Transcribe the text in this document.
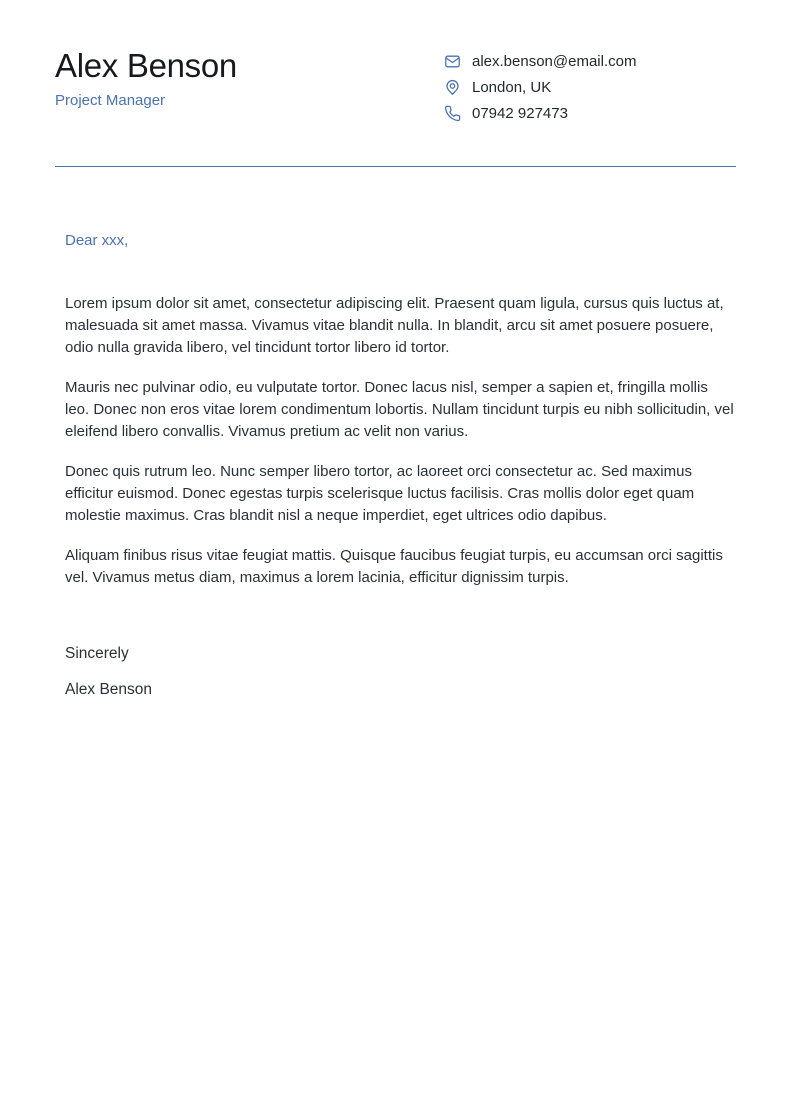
Alex Benson
Project Manager
alex.benson@email.com
London, UK
07942 927473

Dear xxx,

Lorem ipsum dolor sit amet, consectetur adipiscing elit. Praesent quam ligula, cursus quis luctus at, malesuada sit amet massa. Vivamus vitae blandit nulla. In blandit, arcu sit amet posuere posuere, odio nulla gravida libero, vel tincidunt tortor libero id tortor.

Mauris nec pulvinar odio, eu vulputate tortor. Donec lacus nisl, semper a sapien et, fringilla mollis leo. Donec non eros vitae lorem condimentum lobortis. Nullam tincidunt turpis eu nibh sollicitudin, vel eleifend libero convallis. Vivamus pretium ac velit non varius.

Donec quis rutrum leo. Nunc semper libero tortor, ac laoreet orci consectetur ac. Sed maximus efficitur euismod. Donec egestas turpis scelerisque luctus facilisis. Cras mollis dolor eget quam molestie maximus. Cras blandit nisl a neque imperdiet, eget ultrices odio dapibus.

Aliquam finibus risus vitae feugiat mattis. Quisque faucibus feugiat turpis, eu accumsan orci sagittis vel. Vivamus metus diam, maximus a lorem lacinia, efficitur dignissim turpis.

Sincerely

Alex Benson
